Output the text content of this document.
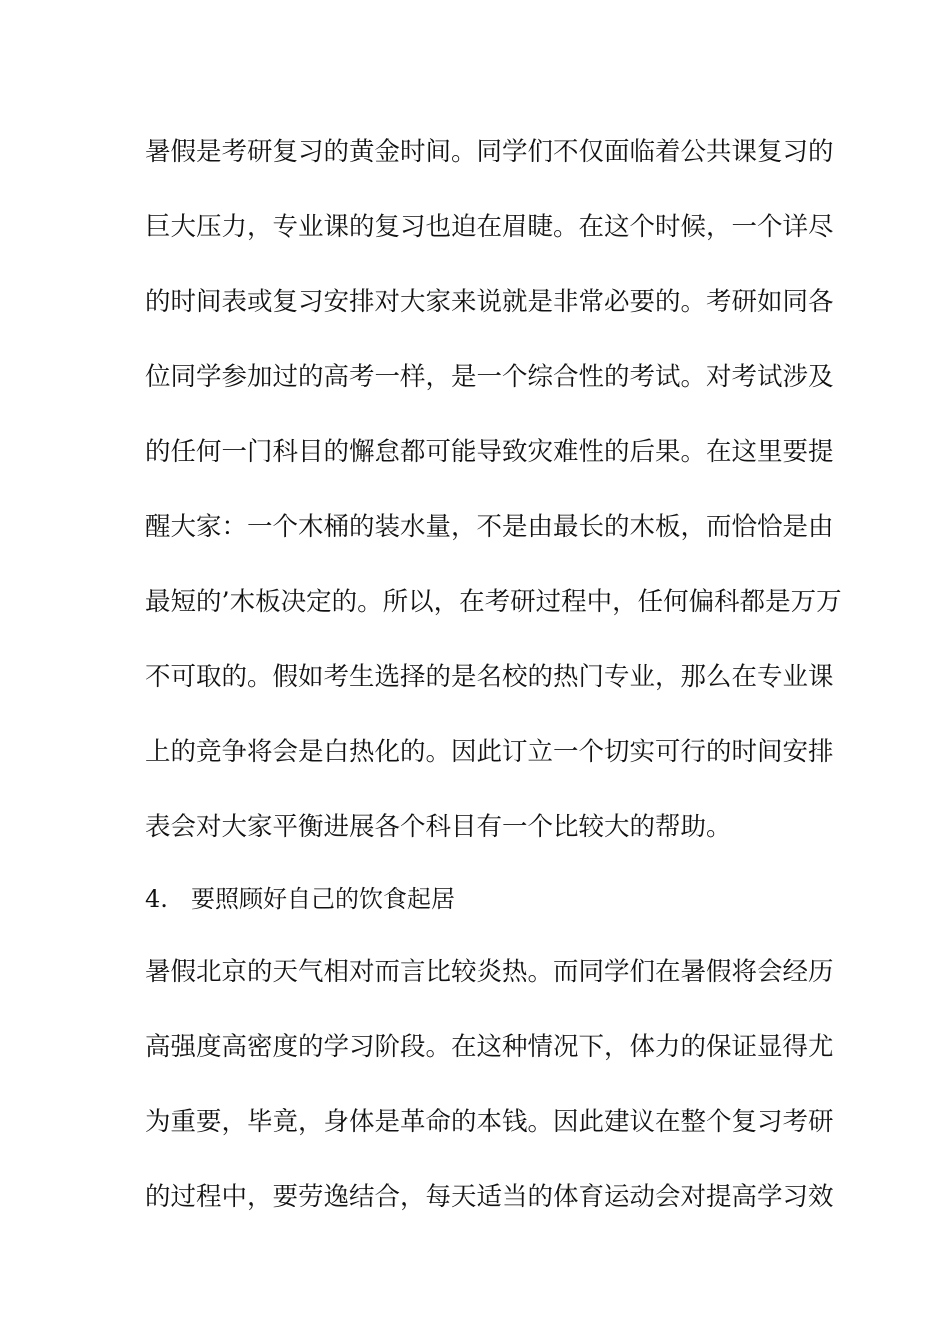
暑假是考研复习的黄金时间。同学们不仅面临着公共课复习的
巨大压力，专业课的复习也迫在眉睫。在这个时候，一个详尽
的时间表或复习安排对大家来说就是非常必要的。考研如同各
位同学参加过的高考一样，是一个综合性的考试。对考试涉及
的任何一门科目的懈怠都可能导致灾难性的后果。在这里要提
醒大家：一个木桶的装水量，不是由最长的木板，而恰恰是由
最短的’木板决定的。所以，在考研过程中，任何偏科都是万万
不可取的。假如考生选择的是名校的热门专业，那么在专业课
上的竞争将会是白热化的。因此订立一个切实可行的时间安排
表会对大家平衡进展各个科目有一个比较大的帮助。
4. 要照顾好自己的饮食起居
暑假北京的天气相对而言比较炎热。而同学们在暑假将会经历
高强度高密度的学习阶段。在这种情况下，体力的保证显得尤
为重要，毕竟，身体是革命的本钱。因此建议在整个复习考研
的过程中，要劳逸结合，每天适当的体育运动会对提高学习效
